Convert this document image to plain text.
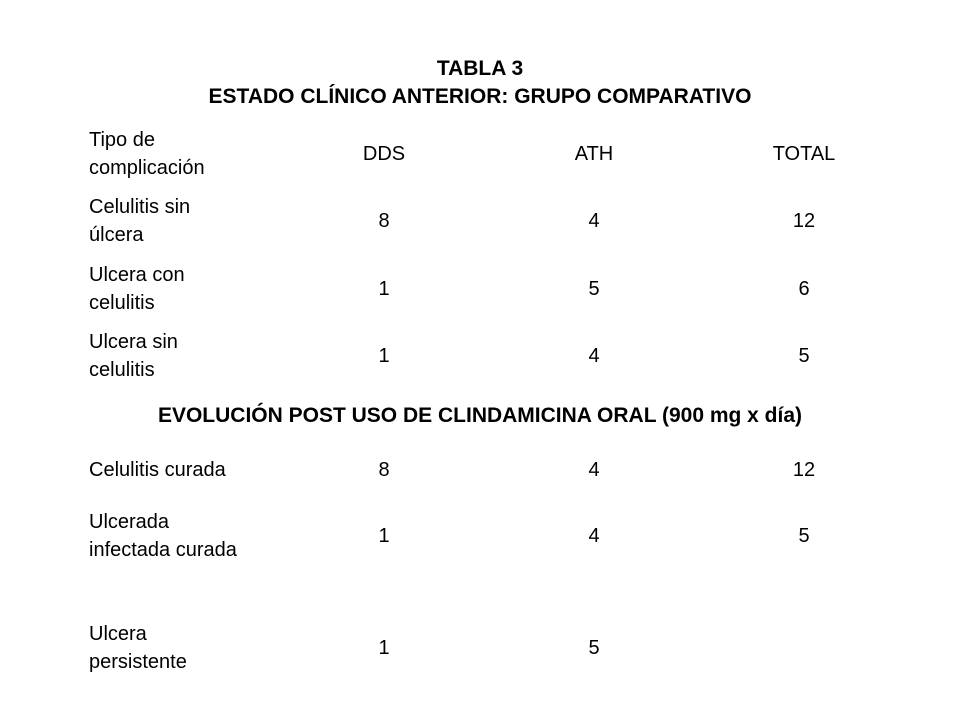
TABLA 3
ESTADO CLÍNICO ANTERIOR: GRUPO COMPARATIVO
Tipo de
complicación
DDS	ATH	TOTAL
Celulitis sin
úlcera
8	4	12
Ulcera con
celulitis
1	5	6
Ulcera sin
celulitis
1	4	5
EVOLUCIÓN POST USO DE CLINDAMICINA ORAL (900 mg x día)
Celulitis curada	8	4	12
Ulcerada
infectada curada
1	4	5
Ulcera
persistente
1	5
